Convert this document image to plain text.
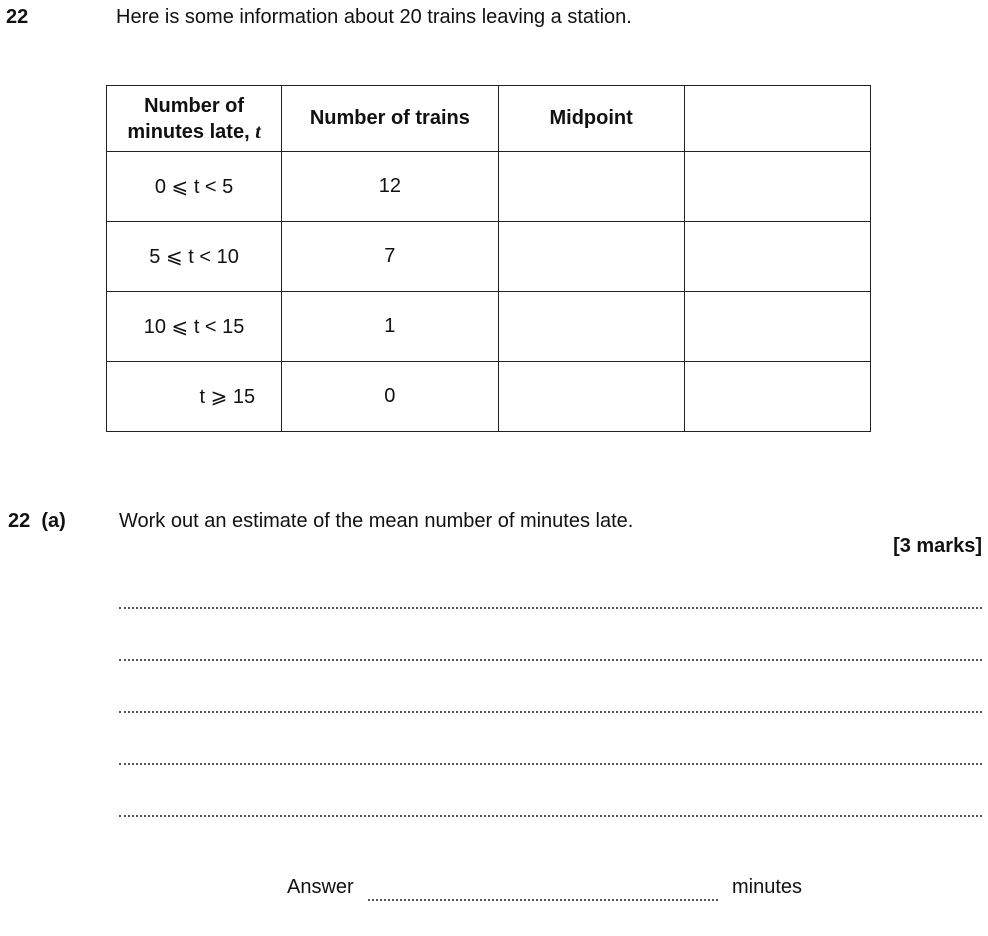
22	Here is some information about 20 trains leaving a station.
Number of
minutes late, t	Number of trains	Midpoint	
0 ⩽ t < 5	12		
5 ⩽ t < 10	7		
10 ⩽ t < 15	1		
t ⩾ 15	0		
22  (a)	Work out an estimate of the mean number of minutes late.
[3 marks]
Answer	minutes
